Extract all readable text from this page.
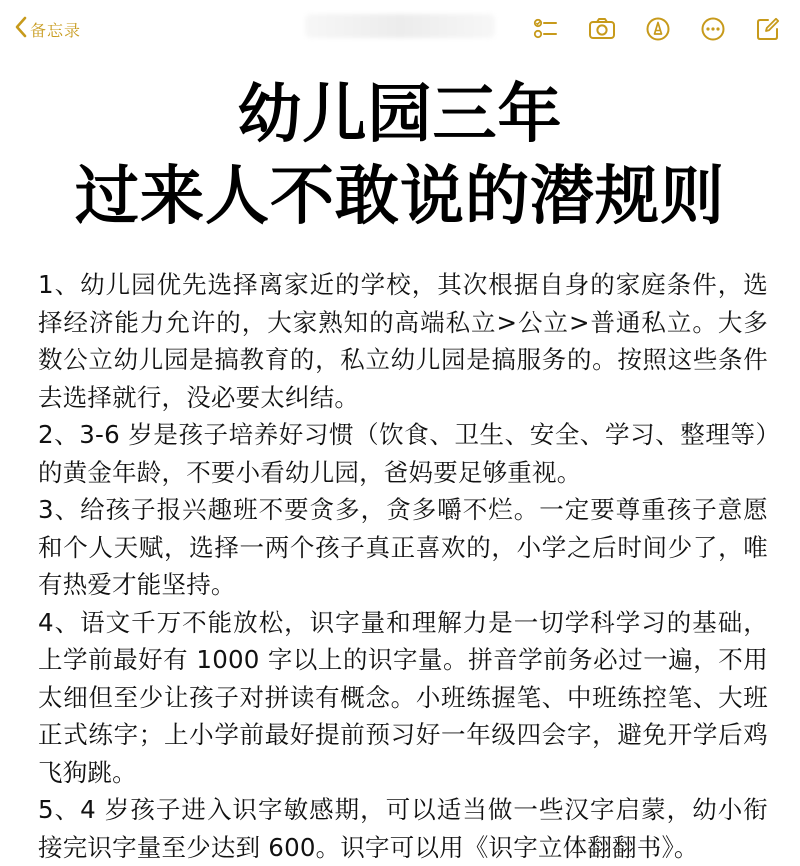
备忘录
幼儿园三年
过来人不敢说的潜规则

1、幼儿园优先选择离家近的学校，其次根据自身的家庭条件，选择经济能力允许的，大家熟知的高端私立>公立>普通私立。大多数公立幼儿园是搞教育的，私立幼儿园是搞服务的。按照这些条件去选择就行，没必要太纠结。

2、3-6 岁是孩子培养好习惯（饮食、卫生、安全、学习、整理等）的黄金年龄，不要小看幼儿园，爸妈要足够重视。

3、给孩子报兴趣班不要贪多，贪多嚼不烂。一定要尊重孩子意愿和个人天赋，选择一两个孩子真正喜欢的，小学之后时间少了，唯有热爱才能坚持。

4、语文千万不能放松，识字量和理解力是一切学科学习的基础，上学前最好有 1000 字以上的识字量。拼音学前务必过一遍，不用太细但至少让孩子对拼读有概念。小班练握笔、中班练控笔、大班正式练字；上小学前最好提前预习好一年级四会字，避免开学后鸡飞狗跳。

5、4 岁孩子进入识字敏感期，可以适当做一些汉字启蒙，幼小衔接完识字量至少达到 600。识字可以用《识字立体翻翻书》。
